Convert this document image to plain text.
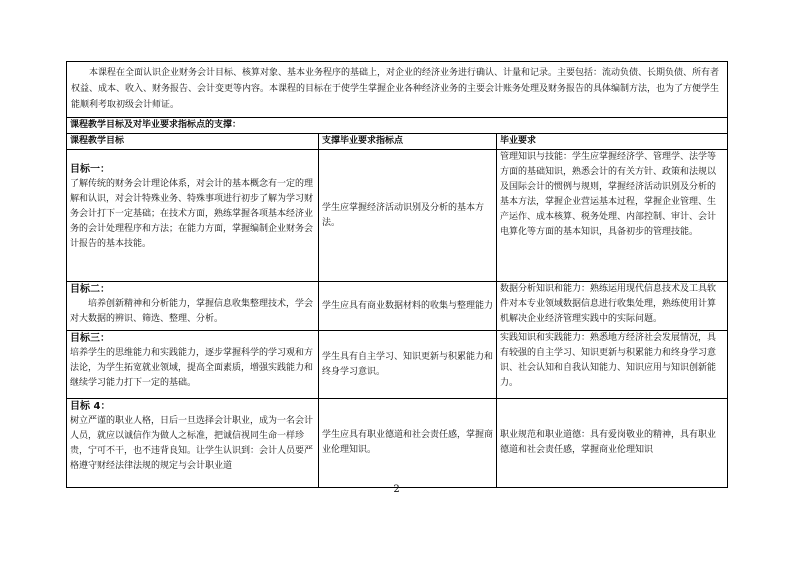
本课程在全面认识企业财务会计目标、核算对象、基本业务程序的基础上，对企业的经济业务进行确认、计量和记录。主要包括：流动负债、长期负债、所有者权益、成本、收入、财务报告、会计变更等内容。本课程的目标在于使学生掌握企业各种经济业务的主要会计账务处理及财务报告的具体编制方法，也为了方便学生能顺利考取初级会计师证。		
课程教学目标及对毕业要求指标点的支撑：		
课程教学目标	支撑毕业要求指标点	毕业要求

目标一：
了解传统的财务会计理论体系，对会计的基本概念有一定的理解和认识，对会计特殊业务、特殊事项进行初步了解为学习财务会计打下一定基础；在技术方面，熟练掌握各项基本经济业务的会计处理程序和方法；在能力方面，掌握编制企业财务会计报告的基本技能。	学生应掌握经济活动识别及分析的基本方法。	管理知识与技能：学生应掌握经济学、管理学、法学等方面的基础知识，熟悉会计的有关方针、政策和法规以及国际会计的惯例与规则，掌握经济活动识别及分析的基本方法，掌握企业营运基本过程，掌握企业管理、生产运作、成本核算、税务处理、内部控制、审计、会计电算化等方面的基本知识，具备初步的管理技能。

目标二：
培养创新精神和分析能力，掌握信息收集整理技术，学会对大数据的辨识、筛选、整理、分析。	学生应具有商业数据材料的收集与整理能力	数据分析知识和能力：熟练运用现代信息技术及工具软件对本专业领域数据信息进行收集处理，熟练使用计算机解决企业经济管理实践中的实际问题。

目标三：
培养学生的思维能力和实践能力，逐步掌握科学的学习观和方法论，为学生拓宽就业领域，提高全面素质，增强实践能力和继续学习能力打下一定的基础。	学生具有自主学习、知识更新与积累能力和终身学习意识。	实践知识和实践能力：熟悉地方经济社会发展情况，具有较强的自主学习、知识更新与积累能力和终身学习意识、社会认知和自我认知能力、知识应用与知识创新能力。

目标 4：
树立严谨的职业人格，日后一旦选择会计职业，成为一名会计人员，就应以诚信作为做人之标准，把诚信视同生命一样珍贵，宁可不干，也不违背良知。让学生认识到：会计人员要严格遵守财经法律法规的规定与会计职业道	学生应具有职业德道和社会责任感，掌握商业伦理知识。	职业规范和职业道德：具有爱岗敬业的精神，具有职业德道和社会责任感，掌握商业伦理知识
2
